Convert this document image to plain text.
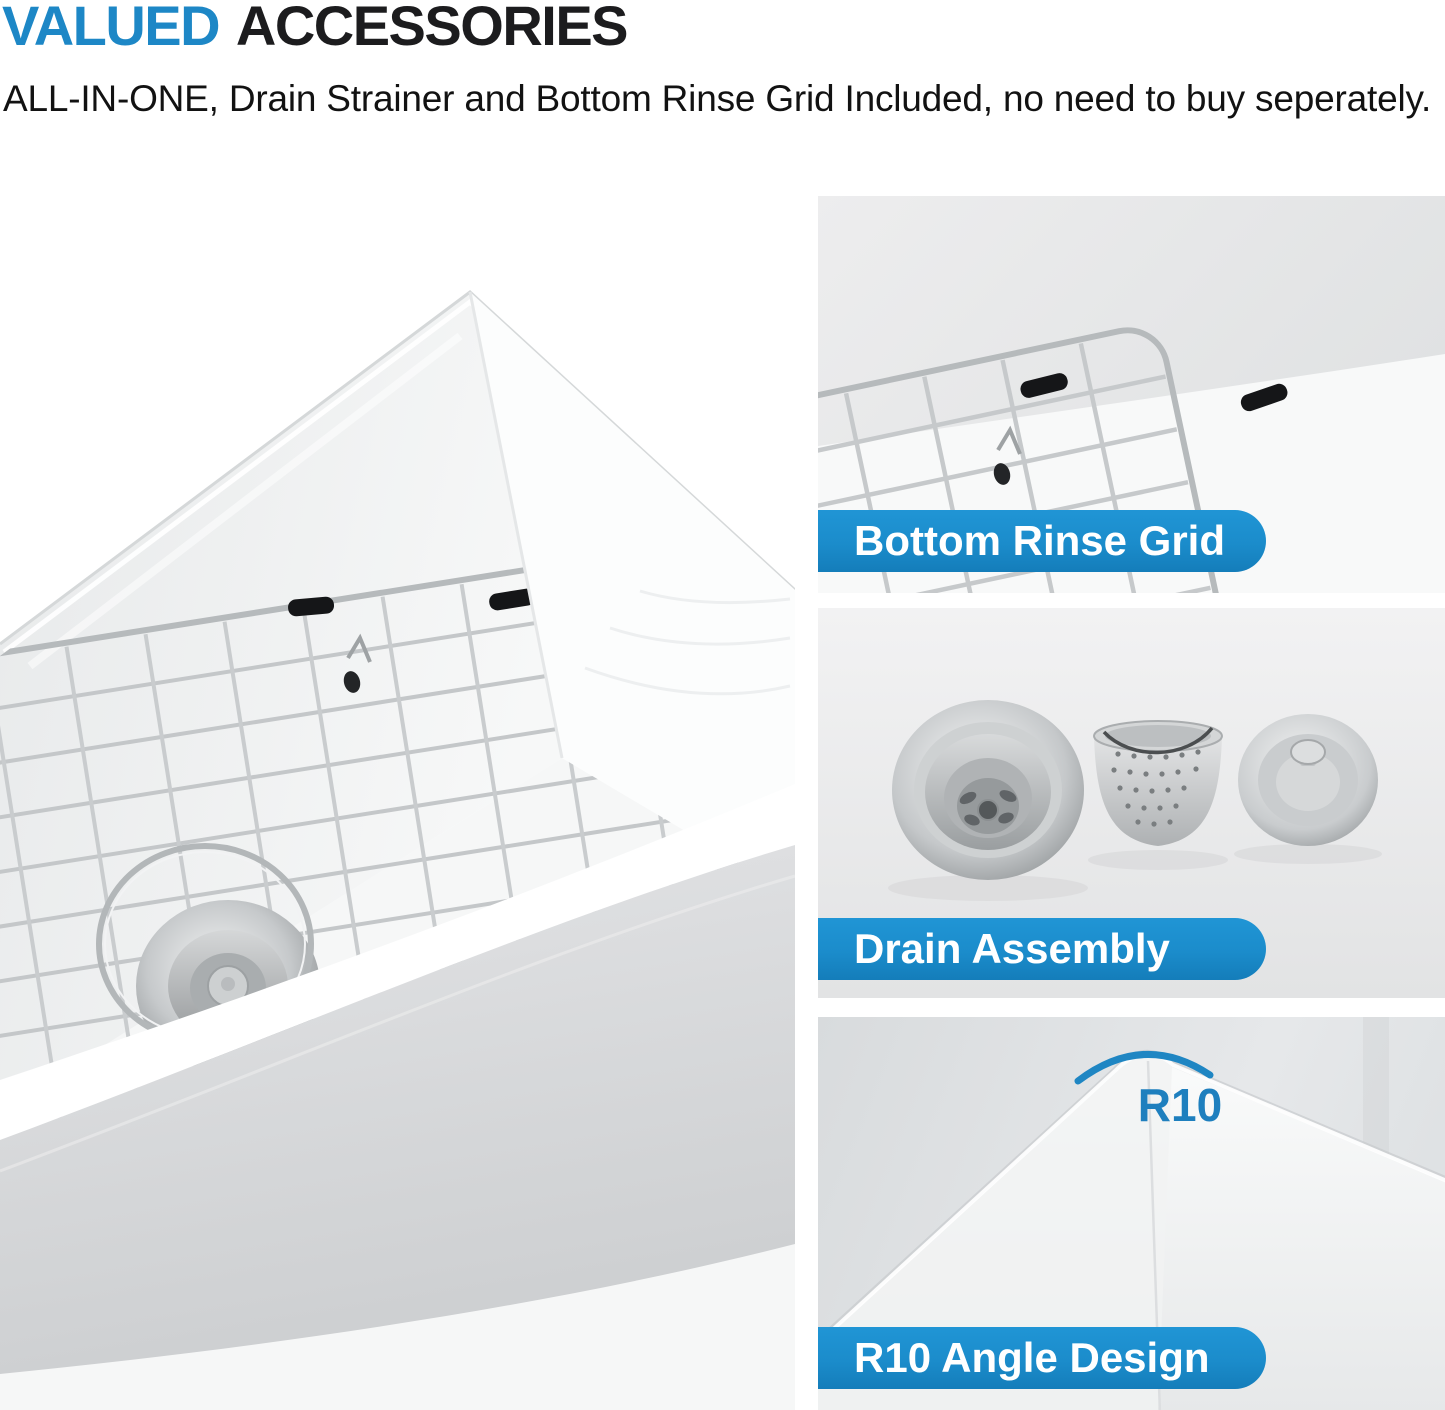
VALUED ACCESSORIES
ALL-IN-ONE, Drain Strainer and Bottom Rinse Grid Included, no need to buy seperately.
Bottom Rinse Grid
Drain Assembly
R10
R10 Angle Design
